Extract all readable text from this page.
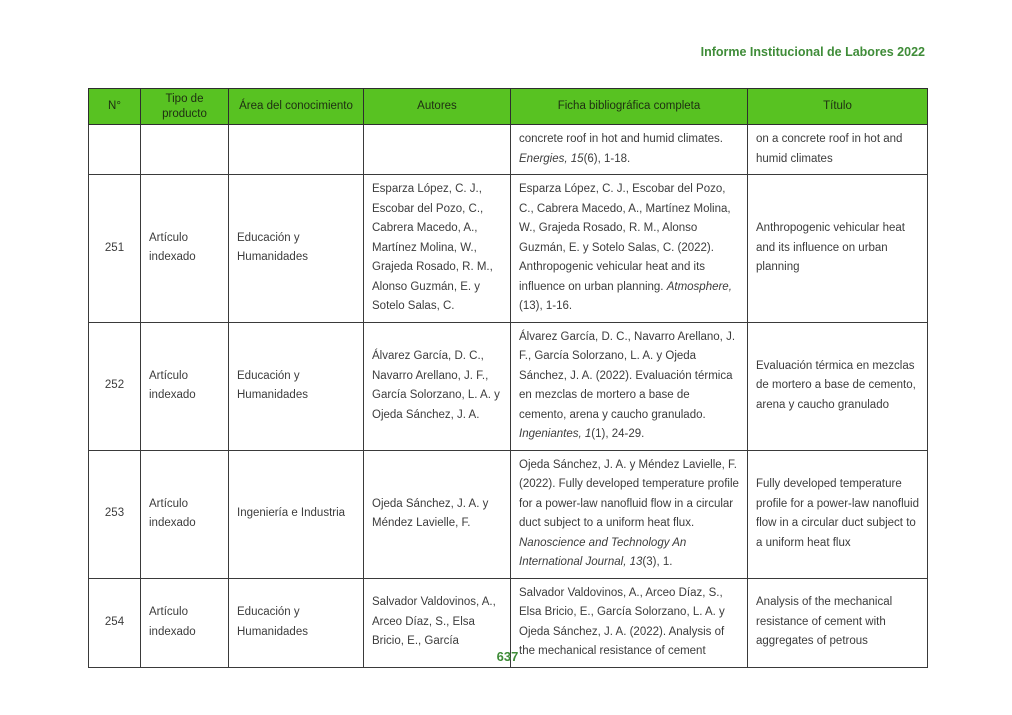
Informe Institucional de Labores 2022
N°	Tipo de producto	Área del conocimiento	Autores	Ficha bibliográfica completa	Título
				concrete roof in hot and humid climates. Energies, 15(6), 1-18.	on a concrete roof in hot and humid climates
251	Artículo indexado	Educación y Humanidades	Esparza López, C. J., Escobar del Pozo, C., Cabrera Macedo, A., Martínez Molina, W., Grajeda Rosado, R. M., Alonso Guzmán, E. y Sotelo Salas, C.	Esparza López, C. J., Escobar del Pozo, C., Cabrera Macedo, A., Martínez Molina, W., Grajeda Rosado, R. M., Alonso Guzmán, E. y Sotelo Salas, C. (2022). Anthropogenic vehicular heat and its influence on urban planning. Atmosphere, (13), 1-16.	Anthropogenic vehicular heat and its influence on urban planning
252	Artículo indexado	Educación y Humanidades	Álvarez García, D. C., Navarro Arellano, J. F., García Solorzano, L. A. y Ojeda Sánchez, J. A.	Álvarez García, D. C., Navarro Arellano, J. F., García Solorzano, L. A. y Ojeda Sánchez, J. A. (2022). Evaluación térmica en mezclas de mortero a base de cemento, arena y caucho granulado. Ingeniantes, 1(1), 24-29.	Evaluación térmica en mezclas de mortero a base de cemento, arena y caucho granulado
253	Artículo indexado	Ingeniería e Industria	Ojeda Sánchez, J. A. y Méndez Lavielle, F.	Ojeda Sánchez, J. A. y Méndez Lavielle, F. (2022). Fully developed temperature profile for a power-law nanofluid flow in a circular duct subject to a uniform heat flux. Nanoscience and Technology An International Journal, 13(3), 1.	Fully developed temperature profile for a power-law nanofluid flow in a circular duct subject to a uniform heat flux
254	Artículo indexado	Educación y Humanidades	Salvador Valdovinos, A., Arceo Díaz, S., Elsa Bricio, E., García	Salvador Valdovinos, A., Arceo Díaz, S., Elsa Bricio, E., García Solorzano, L. A. y Ojeda Sánchez, J. A. (2022). Analysis of the mechanical resistance of cement	Analysis of the mechanical resistance of cement with aggregates of petrous
637
